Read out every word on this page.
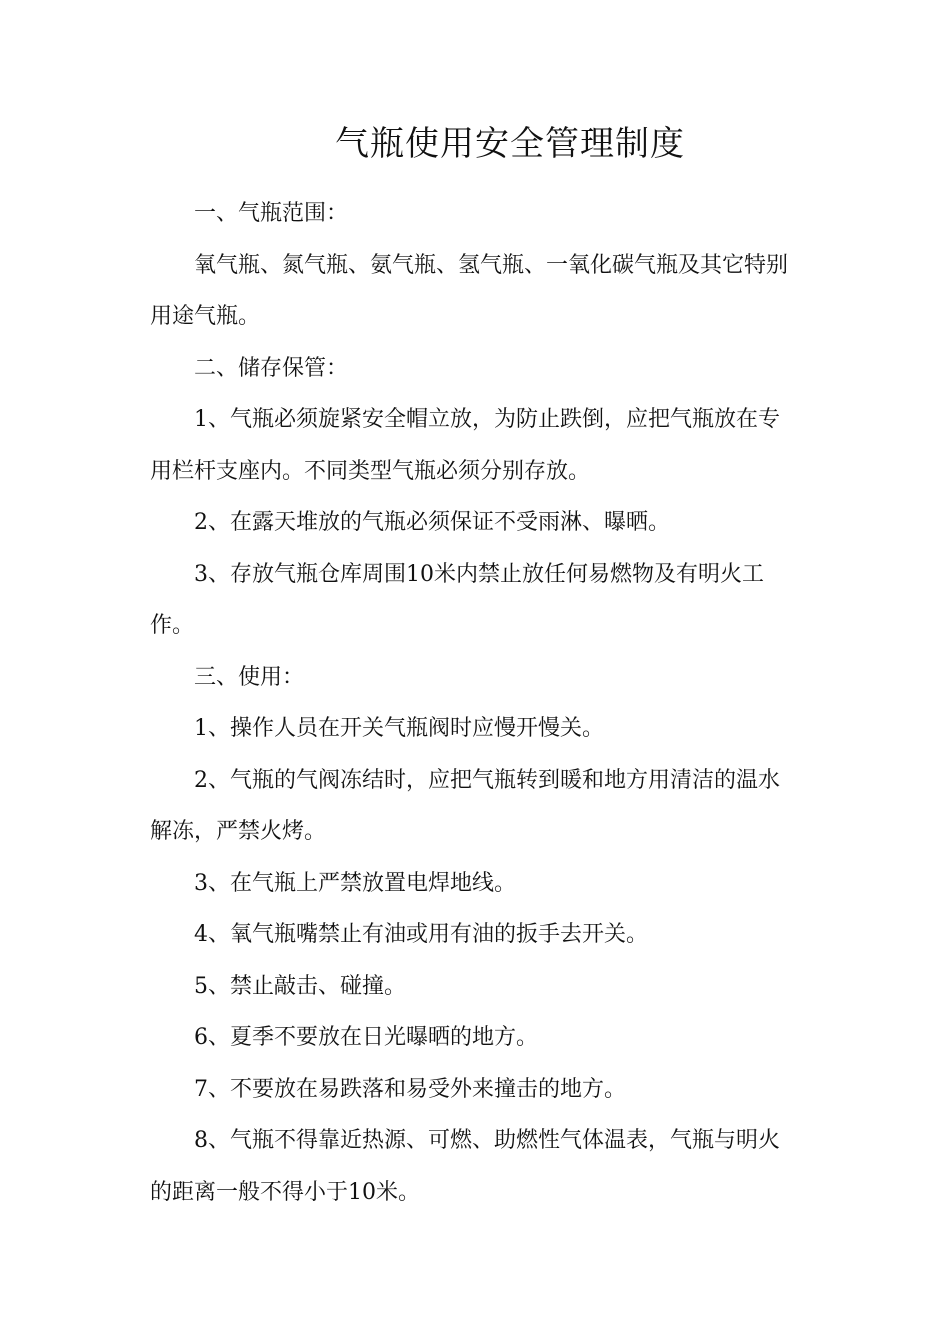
气瓶使用安全管理制度

一、气瓶范围：

氧气瓶、氮气瓶、氨气瓶、氢气瓶、一氧化碳气瓶及其它特别用途气瓶。

二、储存保管：

1、气瓶必须旋紧安全帽立放，为防止跌倒，应把气瓶放在专用栏杆支座内。不同类型气瓶必须分别存放。

2、在露天堆放的气瓶必须保证不受雨淋、曝晒。

3、存放气瓶仓库周围10米内禁止放任何易燃物及有明火工作。

三、使用：

1、操作人员在开关气瓶阀时应慢开慢关。

2、气瓶的气阀冻结时，应把气瓶转到暖和地方用清洁的温水解冻，严禁火烤。

3、在气瓶上严禁放置电焊地线。

4、氧气瓶嘴禁止有油或用有油的扳手去开关。

5、禁止敲击、碰撞。

6、夏季不要放在日光曝晒的地方。

7、不要放在易跌落和易受外来撞击的地方。

8、气瓶不得靠近热源、可燃、助燃性气体温表，气瓶与明火的距离一般不得小于10米。
